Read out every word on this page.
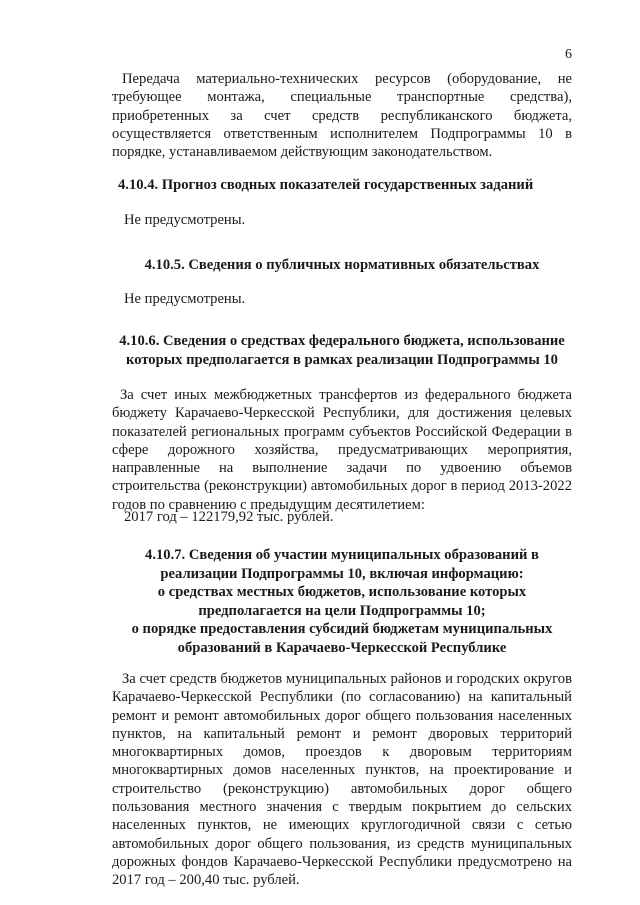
6

Передача материально-технических ресурсов (оборудование, не требующее монтажа, специальные транспортные средства), приобретенных за счет средств республиканского бюджета, осуществляется ответственным исполнителем Подпрограммы 10 в порядке, устанавливаемом действующим законодательством.

4.10.4. Прогноз сводных показателей государственных заданий

Не предусмотрены.

4.10.5. Сведения о публичных нормативных обязательствах

Не предусмотрены.

4.10.6. Сведения о средствах федерального бюджета, использование
которых предполагается в рамках реализации Подпрограммы 10

За счет иных межбюджетных трансфертов из федерального бюджета бюджету Карачаево-Черкесской Республики, для достижения целевых показателей региональных программ субъектов Российской Федерации в сфере дорожного хозяйства, предусматривающих мероприятия, направленные на выполнение задачи по удвоению объемов строительства (реконструкции) автомобильных дорог в период 2013-2022 годов по сравнению с предыдущим десятилетием:

2017 год – 122179,92 тыс. рублей.

4.10.7. Сведения об участии муниципальных образований в
реализации Подпрограммы 10, включая информацию:
о средствах местных бюджетов, использование которых
предполагается на цели Подпрограммы 10;
о порядке предоставления субсидий бюджетам муниципальных
образований в Карачаево-Черкесской Республике

За счет средств бюджетов муниципальных районов и городских округов Карачаево-Черкесской Республики (по согласованию) на капитальный ремонт и ремонт автомобильных дорог общего пользования населенных пунктов, на капитальный ремонт и ремонт дворовых территорий многоквартирных домов, проездов к дворовым территориям многоквартирных домов населенных пунктов, на проектирование и строительство (реконструкцию) автомобильных дорог общего пользования местного значения с твердым покрытием до сельских населенных пунктов, не имеющих круглогодичной связи с сетью автомобильных дорог общего пользования, из средств муниципальных дорожных фондов Карачаево-Черкесской Республики предусмотрено на 2017 год – 200,40 тыс. рублей.
